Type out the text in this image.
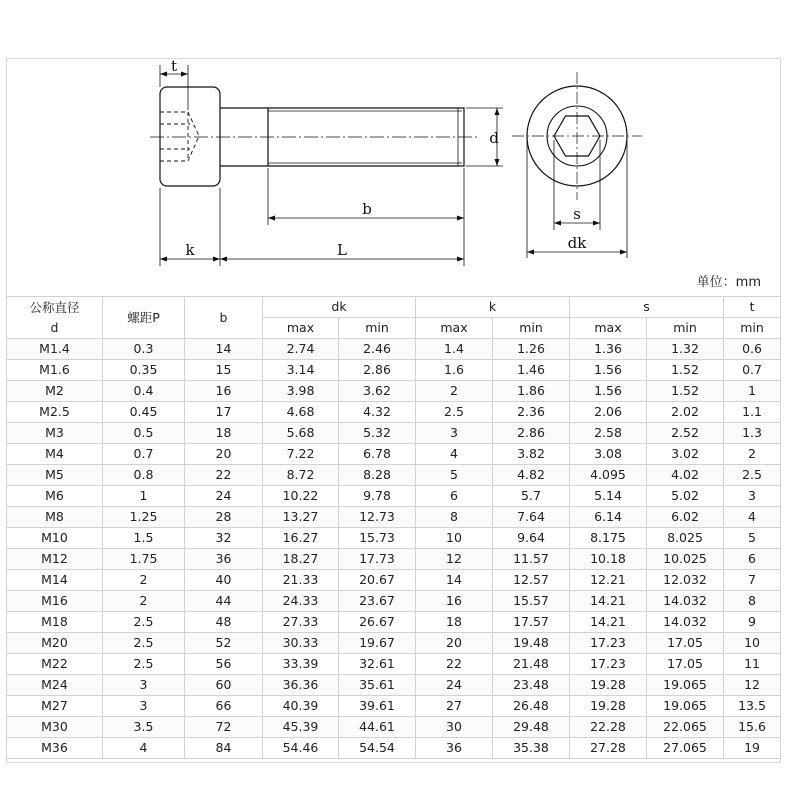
t
d
b
k	L
s
dk
单位：mm
公称直径
d	螺距P	b	dk		k		s		t
			max	min	max	min	max	min	min
M1.4	0.3	14	2.74	2.46	1.4	1.26	1.36	1.32	0.6
M1.6	0.35	15	3.14	2.86	1.6	1.46	1.56	1.52	0.7
M2	0.4	16	3.98	3.62	2	1.86	1.56	1.52	1
M2.5	0.45	17	4.68	4.32	2.5	2.36	2.06	2.02	1.1
M3	0.5	18	5.68	5.32	3	2.86	2.58	2.52	1.3
M4	0.7	20	7.22	6.78	4	3.82	3.08	3.02	2
M5	0.8	22	8.72	8.28	5	4.82	4.095	4.02	2.5
M6	1	24	10.22	9.78	6	5.7	5.14	5.02	3
M8	1.25	28	13.27	12.73	8	7.64	6.14	6.02	4
M10	1.5	32	16.27	15.73	10	9.64	8.175	8.025	5
M12	1.75	36	18.27	17.73	12	11.57	10.18	10.025	6
M14	2	40	21.33	20.67	14	12.57	12.21	12.032	7
M16	2	44	24.33	23.67	16	15.57	14.21	14.032	8
M18	2.5	48	27.33	26.67	18	17.57	14.21	14.032	9
M20	2.5	52	30.33	19.67	20	19.48	17.23	17.05	10
M22	2.5	56	33.39	32.61	22	21.48	17.23	17.05	11
M24	3	60	36.36	35.61	24	23.48	19.28	19.065	12
M27	3	66	40.39	39.61	27	26.48	19.28	19.065	13.5
M30	3.5	72	45.39	44.61	30	29.48	22.28	22.065	15.6
M36	4	84	54.46	54.54	36	35.38	27.28	27.065	19
